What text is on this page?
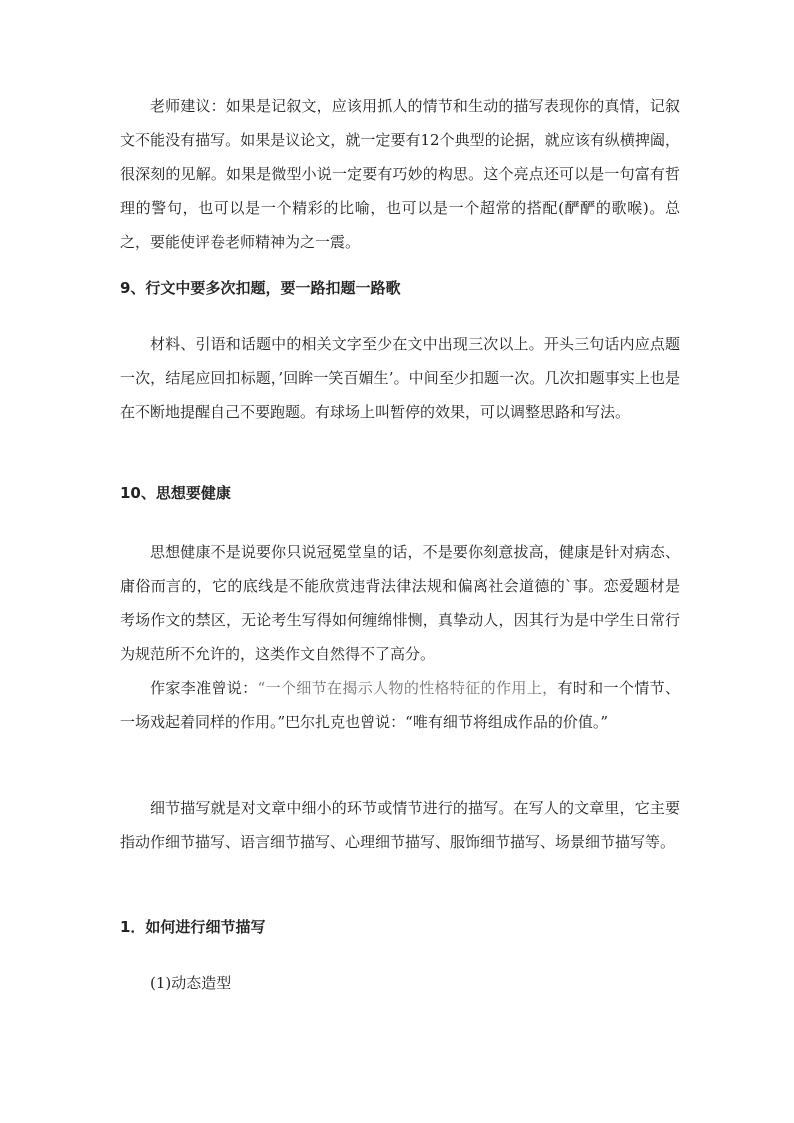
老师建议：如果是记叙文，应该用抓人的情节和生动的描写表现你的真情，记叙文不能没有描写。如果是议论文，就一定要有12个典型的论据，就应该有纵横捭阖，很深刻的见解。如果是微型小说一定要有巧妙的构思。这个亮点还可以是一句富有哲理的警句，也可以是一个精彩的比喻，也可以是一个超常的搭配(酽酽的歌喉)。总之，要能使评卷老师精神为之一震。

9、行文中要多次扣题，要一路扣题一路歌

材料、引语和话题中的相关文字至少在文中出现三次以上。开头三句话内应点题一次，结尾应回扣标题，’回眸一笑百媚生’。中间至少扣题一次。几次扣题事实上也是在不断地提醒自己不要跑题。有球场上叫暂停的效果，可以调整思路和写法。

10、思想要健康

思想健康不是说要你只说冠冕堂皇的话，不是要你刻意拔高，健康是针对病态、庸俗而言的，它的底线是不能欣赏违背法律法规和偏离社会道德的`事。恋爱题材是考场作文的禁区，无论考生写得如何缠绵悱恻，真挚动人，因其行为是中学生日常行为规范所不允许的，这类作文自然得不了高分。

作家李准曾说：“一个细节在揭示人物的性格特征的作用上，有时和一个情节、一场戏起着同样的作用。”巴尔扎克也曾说：“唯有细节将组成作品的价值。”

细节描写就是对文章中细小的环节或情节进行的描写。在写人的文章里，它主要指动作细节描写、语言细节描写、心理细节描写、服饰细节描写、场景细节描写等。

1．如何进行细节描写

(1)动态造型
